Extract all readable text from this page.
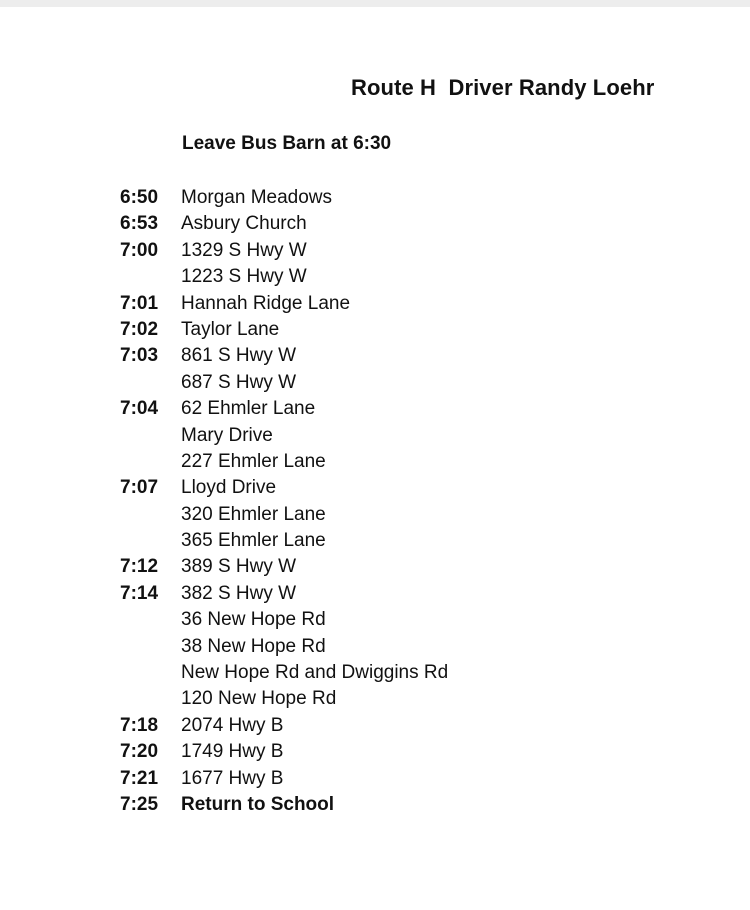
Route H  Driver Randy Loehr
Leave Bus Barn at 6:30
6:50 Morgan Meadows
6:53 Asbury Church
7:00 1329 S Hwy W
1223 S Hwy W
7:01 Hannah Ridge Lane
7:02 Taylor Lane
7:03 861 S Hwy W
687 S Hwy W
7:04 62 Ehmler Lane
Mary Drive
227 Ehmler Lane
7:07 Lloyd Drive
320 Ehmler Lane
365 Ehmler Lane
7:12 389 S Hwy W
7:14 382 S Hwy W
36 New Hope Rd
38 New Hope Rd
New Hope Rd and Dwiggins Rd
120 New Hope Rd
7:18 2074 Hwy B
7:20 1749 Hwy B
7:21 1677 Hwy B
7:25 Return to School
